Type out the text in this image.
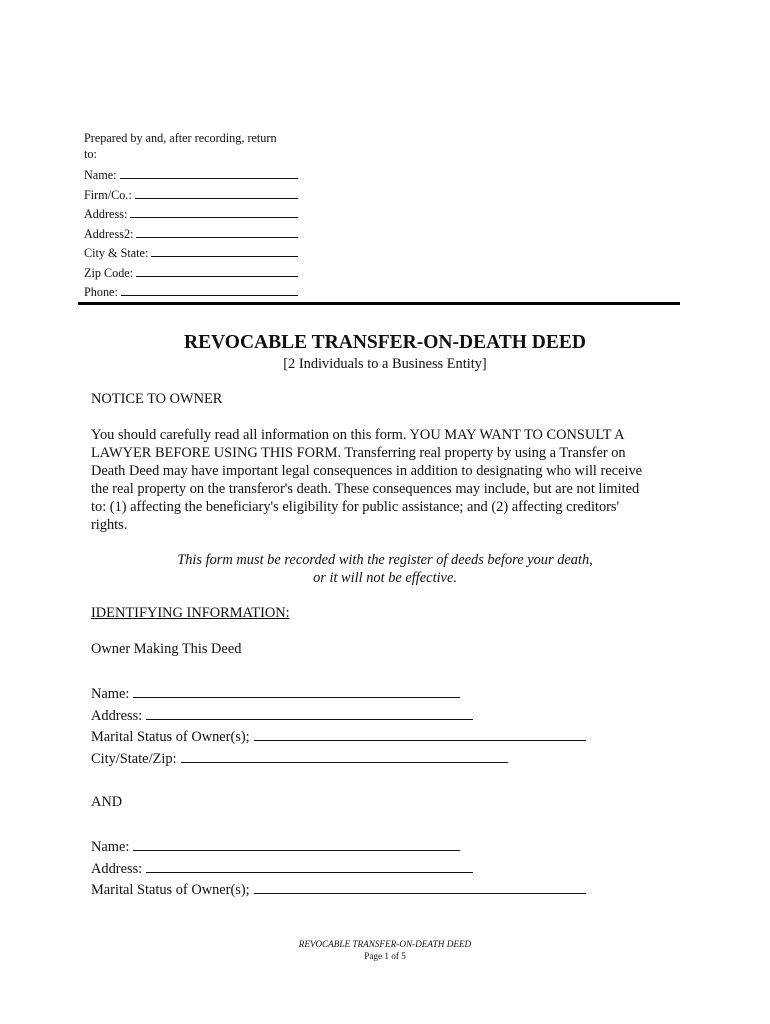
Prepared by and, after recording, return
to:
Name:
Firm/Co.:
Address:
Address2:
City & State:
Zip Code:
Phone:
REVOCABLE TRANSFER-ON-DEATH DEED
[2 Individuals to a Business Entity]
NOTICE TO OWNER
You should carefully read all information on this form. YOU MAY WANT TO CONSULT A
LAWYER BEFORE USING THIS FORM. Transferring real property by using a Transfer on
Death Deed may have important legal consequences in addition to designating who will receive
the real property on the transferor's death. These consequences may include, but are not limited
to: (1) affecting the beneficiary's eligibility for public assistance; and (2) affecting creditors'
rights.
This form must be recorded with the register of deeds before your death,
or it will not be effective.
IDENTIFYING INFORMATION:
Owner Making This Deed
Name:
Address:
Marital Status of Owner(s);
City/State/Zip:
AND
Name:
Address:
Marital Status of Owner(s);
REVOCABLE TRANSFER-ON-DEATH DEED
Page 1 of 5
